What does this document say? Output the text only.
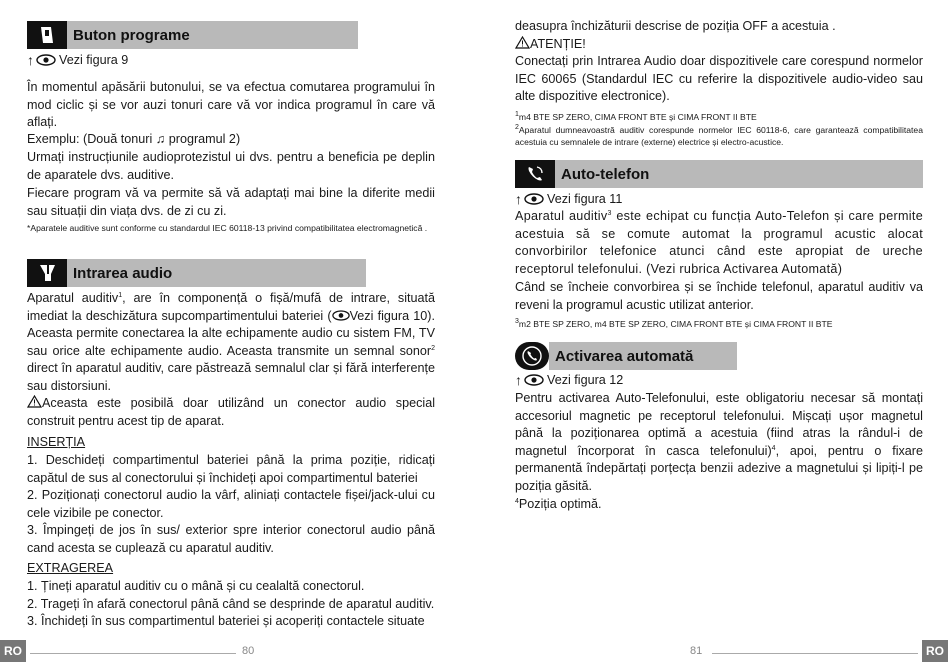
Buton programe
↑ Vezi figura 9

În momentul apăsării butonului, se va efectua comutarea programului în mod ciclic și se vor auzi tonuri care vă vor indica programul în care vă aflați.

Exemplu: (Două tonuri ♫ programul 2)

Urmați instrucțiunile audioprotezistul ui dvs. pentru a beneficia pe deplin de aparatele dvs. auditive.

Fiecare program vă va permite să vă adaptați mai bine la diferite medii sau situații din viața dvs. de zi cu zi.

*Aparatele auditive sunt conforme cu standardul IEC 60118-13 privind compatibilitatea electromagnetică .

Intrarea audio

Aparatul auditiv$^1$, are în componență o fișă/mufă de intrare, situată imediat la deschizătura supcompartimentului bateriei ( Vezi figura 10). Aceasta permite conectarea la alte echipamente audio cu sistem FM, TV sau orice alte echipamente audio. Aceasta transmite un semnal sonor$^2$ direct în aparatul auditiv, care păstrează semnalul clar și fără interferențe sau distorsiuni.

Aceasta este posibilă doar utilizând un conector audio special construit pentru acest tip de aparat.

INSERȚIA

1. Deschideți compartimentul bateriei până la prima poziție, ridicați capătul de sus al conectorului și închideți apoi compartimentul bateriei

2. Poziționați conectorul audio la vârf, aliniați contactele fișei/jack-ului cu cele vizibile pe conector.

3. Împingeți de jos în sus/ exterior spre interior conectorul audio până cand acesta se cuplează cu aparatul auditiv.

EXTRAGEREA

1. Țineți aparatul auditiv cu o mână și cu cealaltă conectorul.

2. Trageți în afară conectorul până când se desprinde de aparatul auditiv.

3. Închideți în sus compartimentul bateriei și acoperiți contactele situate

deasupra închizăturii descrise de poziția OFF a acestuia .

ATENȚIE!

Conectați prin Intrarea Audio doar dispozitivele care corespund normelor IEC 60065 (Standardul IEC cu referire la dispozitivele audio-video sau alte dispozitive electronice).

$^1$m4 BTE SP ZERO, CIMA FRONT BTE și CIMA FRONT II BTE

$^2$Aparatul dumneavoastră auditiv corespunde normelor IEC 60118-6, care garantează compatibilitatea acestuia cu semnalele de intrare (externe) electrice și electro-acustice.

Auto-telefon
↑ Vezi figura 11

Aparatul auditiv$^3$ este echipat cu funcția Auto-Telefon și care permite acestuia să se comute automat la programul acustic alocat convorbirilor telefonice atunci când este apropiat de ureche receptorul telefonului. (Vezi rubrica Activarea Automată)

Când se încheie convorbirea și se închide telefonul, aparatul auditiv va reveni la programul acustic utilizat anterior.

$^3$m2 BTE SP ZERO, m4 BTE SP ZERO, CIMA FRONT BTE și CIMA FRONT II BTE

Activarea automată
↑ Vezi figura 12

Pentru activarea Auto-Telefonului, este obligatoriu necesar să montați accesoriul magnetic pe receptorul telefonului. Mișcați ușor magnetul până la poziționarea optimă a acestuia (fiind atras la rândul-i de magnetul încorporat în casca telefonului)$^4$, apoi, pentru o fixare permanentă îndepărtați porțecța benzii adezive a magnetului și lipiți-l pe poziția găsită.

$^4$Poziția optimă.

RO	80	81	RO
